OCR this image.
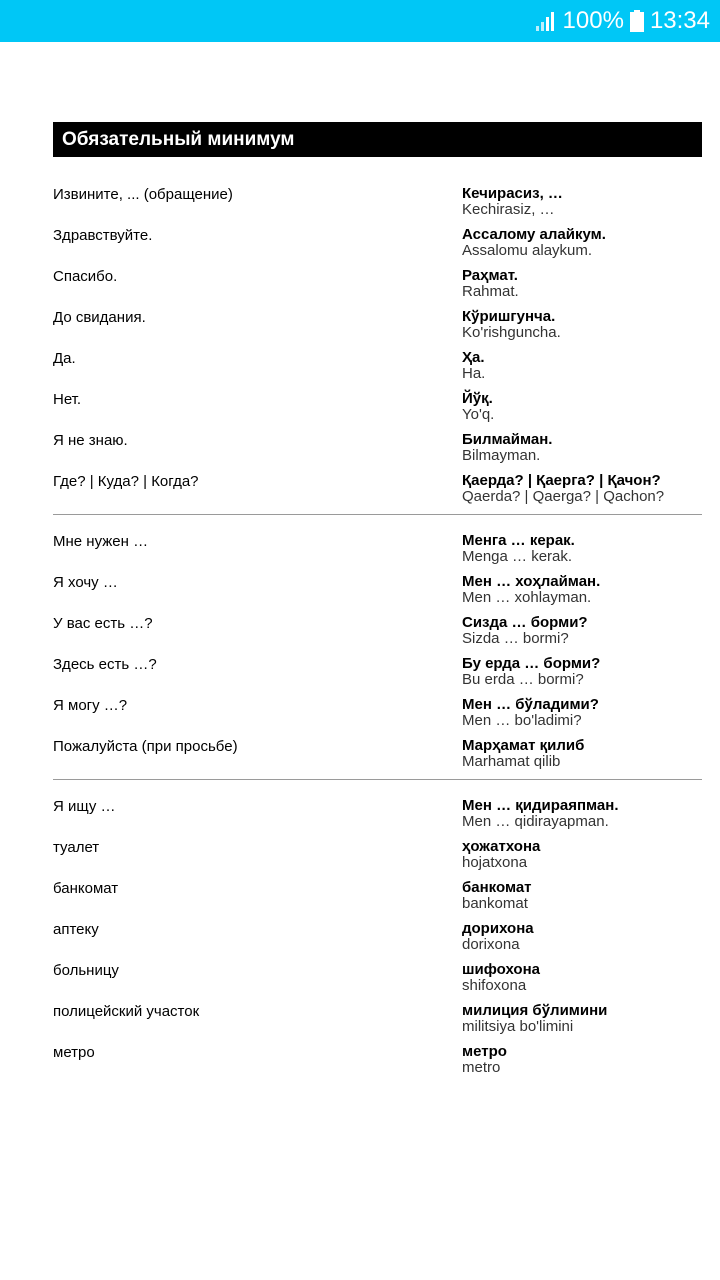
100% 13:34
Обязательный минимум
Извините, ... (обращение)	Кечирасиз, …
Kechirasiz, …
Здравствуйте.	Ассалому алайкум.
Assalomu alaykum.
Спасибо.	Раҳмат.
Rahmat.
До свидания.	Кўришгунча.
Ko'rishguncha.
Да.	Ҳа.
Ha.
Нет.	Йўқ.
Yo'q.
Я не знаю.	Билмайман.
Bilmayman.
Где? | Куда? | Когда?	Қаерда? | Қаерга? | Қачон?
Qaerda? | Qaerga? | Qachon?
Мне нужен …	Менга … керак.
Menga … kerak.
Я хочу …	Мен … хоҳлайман.
Men … xohlayman.
У вас есть …?	Сизда … борми?
Sizda … bormi?
Здесь есть …?	Бу ерда … борми?
Bu erda … bormi?
Я могу …?	Мен … бўладими?
Men … bo'ladimi?
Пожалуйста (при просьбе)	Марҳамат қилиб
Marhamat qilib
Я ищу …	Мен … қидираяпман.
Men … qidirayapman.
туалет	ҳожатхона
hojatxona
банкомат	банкомат
bankomat
аптеку	дорихона
dorixona
больницу	шифохона
shifoxona
полицейский участок	милиция бўлимини
militsiya bo'limini
метро	метро
metro
